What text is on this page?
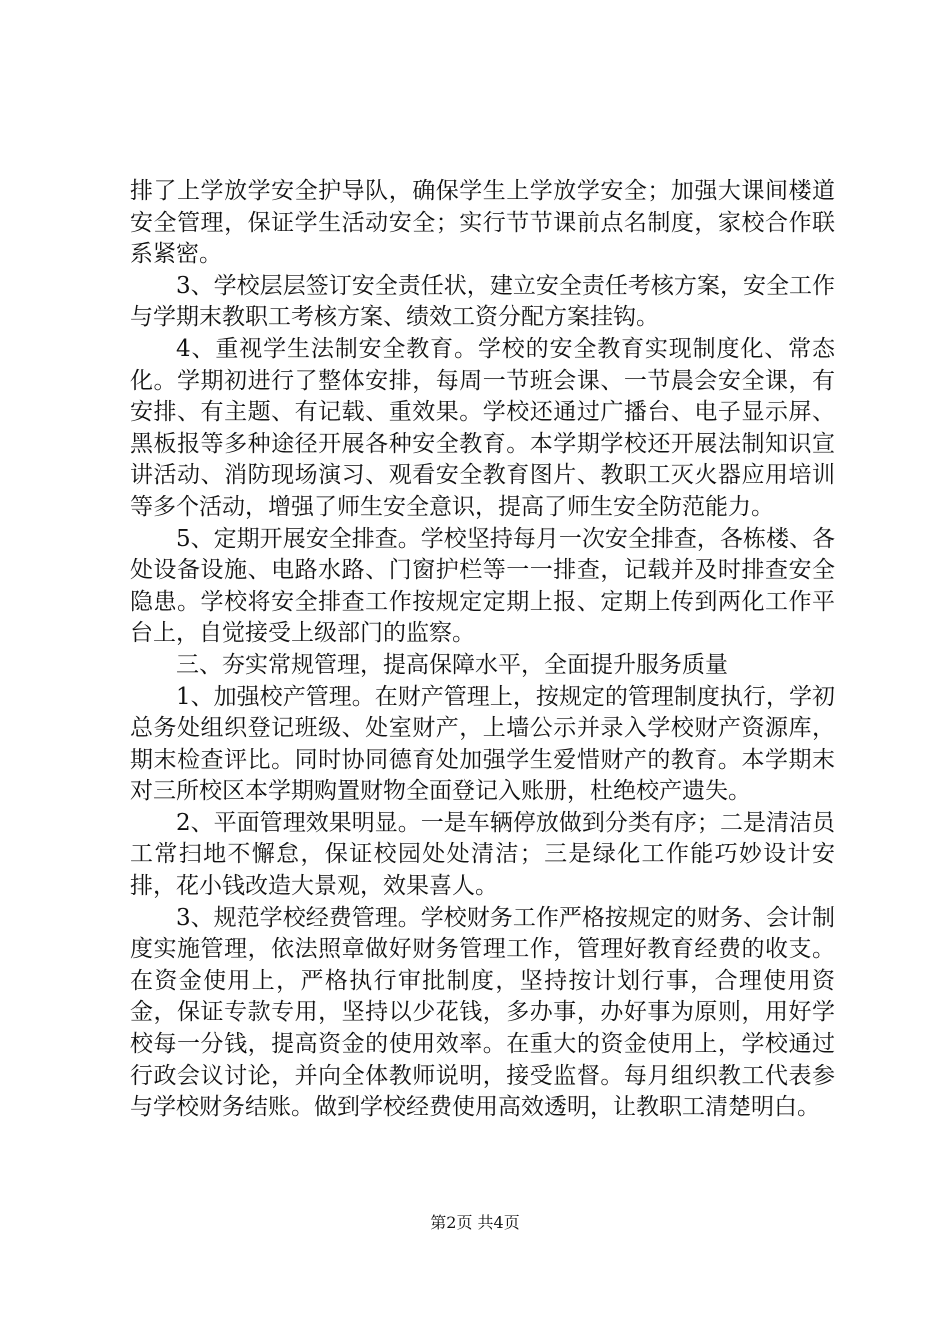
排了上学放学安全护导队，确保学生上学放学安全；加强大课间楼道安全管理，保证学生活动安全；实行节节课前点名制度，家校合作联系紧密。

3、学校层层签订安全责任状，建立安全责任考核方案，安全工作与学期末教职工考核方案、绩效工资分配方案挂钩。

4、重视学生法制安全教育。学校的安全教育实现制度化、常态化。学期初进行了整体安排，每周一节班会课、一节晨会安全课，有安排、有主题、有记载、重效果。学校还通过广播台、电子显示屏、黑板报等多种途径开展各种安全教育。本学期学校还开展法制知识宣讲活动、消防现场演习、观看安全教育图片、教职工灭火器应用培训等多个活动，增强了师生安全意识，提高了师生安全防范能力。

5、定期开展安全排查。学校坚持每月一次安全排查，各栋楼、各处设备设施、电路水路、门窗护栏等一一排查，记载并及时排查安全隐患。学校将安全排查工作按规定定期上报、定期上传到两化工作平台上，自觉接受上级部门的监察。

三、夯实常规管理，提高保障水平，全面提升服务质量

1、加强校产管理。在财产管理上，按规定的管理制度执行，学初总务处组织登记班级、处室财产，上墙公示并录入学校财产资源库，期末检查评比。同时协同德育处加强学生爱惜财产的教育。本学期末对三所校区本学期购置财物全面登记入账册，杜绝校产遗失。

2、平面管理效果明显。一是车辆停放做到分类有序；二是清洁员工常扫地不懈怠，保证校园处处清洁；三是绿化工作能巧妙设计安排，花小钱改造大景观，效果喜人。

3、规范学校经费管理。学校财务工作严格按规定的财务、会计制度实施管理，依法照章做好财务管理工作，管理好教育经费的收支。在资金使用上，严格执行审批制度，坚持按计划行事，合理使用资金，保证专款专用，坚持以少花钱，多办事，办好事为原则，用好学校每一分钱，提高资金的使用效率。在重大的资金使用上，学校通过行政会议讨论，并向全体教师说明，接受监督。每月组织教工代表参与学校财务结账。做到学校经费使用高效透明，让教职工清楚明白。

第2页 共4页
